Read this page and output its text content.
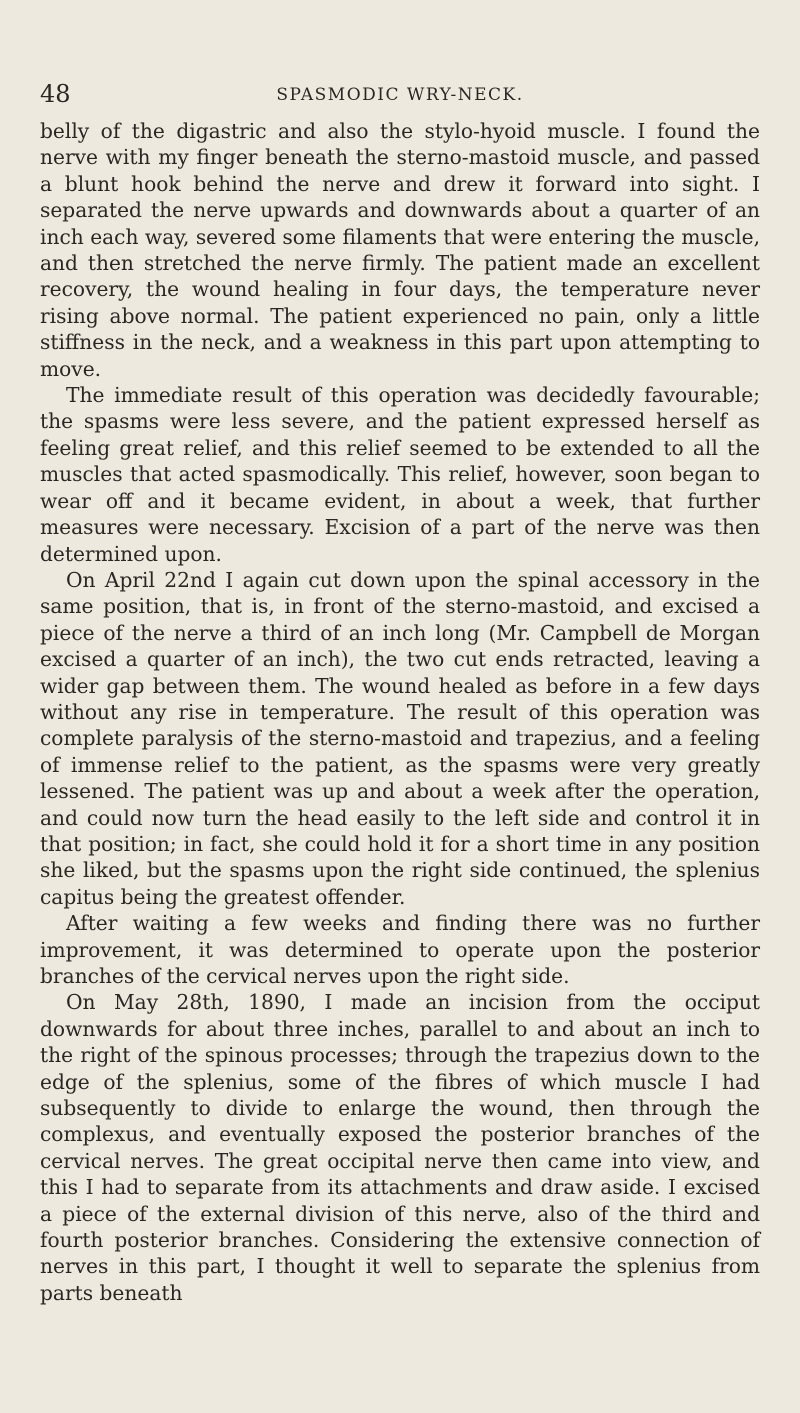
48	SPASMODIC WRY-NECK.

belly of the digastric and also the stylo-hyoid muscle. I found the nerve with my finger beneath the sterno-mastoid muscle, and passed a blunt hook behind the nerve and drew it forward into sight. I separated the nerve upwards and downwards about a quarter of an inch each way, severed some filaments that were entering the muscle, and then stretched the nerve firmly. The patient made an excellent recovery, the wound healing in four days, the temperature never rising above normal. The patient experienced no pain, only a little stiffness in the neck, and a weakness in this part upon attempting to move.

The immediate result of this operation was decidedly favourable; the spasms were less severe, and the patient expressed herself as feeling great relief, and this relief seemed to be extended to all the muscles that acted spasmodically. This relief, however, soon began to wear off and it became evident, in about a week, that further measures were necessary. Excision of a part of the nerve was then determined upon.

On April 22nd I again cut down upon the spinal accessory in the same position, that is, in front of the sterno-mastoid, and excised a piece of the nerve a third of an inch long (Mr. Campbell de Morgan excised a quarter of an inch), the two cut ends retracted, leaving a wider gap between them. The wound healed as before in a few days without any rise in temperature. The result of this operation was complete paralysis of the sterno-mastoid and trapezius, and a feeling of immense relief to the patient, as the spasms were very greatly lessened. The patient was up and about a week after the operation, and could now turn the head easily to the left side and control it in that position; in fact, she could hold it for a short time in any position she liked, but the spasms upon the right side continued, the splenius capitus being the greatest offender.

After waiting a few weeks and finding there was no further improvement, it was determined to operate upon the posterior branches of the cervical nerves upon the right side.

On May 28th, 1890, I made an incision from the occiput downwards for about three inches, parallel to and about an inch to the right of the spinous processes; through the trapezius down to the edge of the splenius, some of the fibres of which muscle I had subsequently to divide to enlarge the wound, then through the complexus, and eventually exposed the posterior branches of the cervical nerves. The great occipital nerve then came into view, and this I had to separate from its attachments and draw aside. I excised a piece of the external division of this nerve, also of the third and fourth posterior branches. Considering the extensive connection of nerves in this part, I thought it well to separate the splenius from parts beneath
